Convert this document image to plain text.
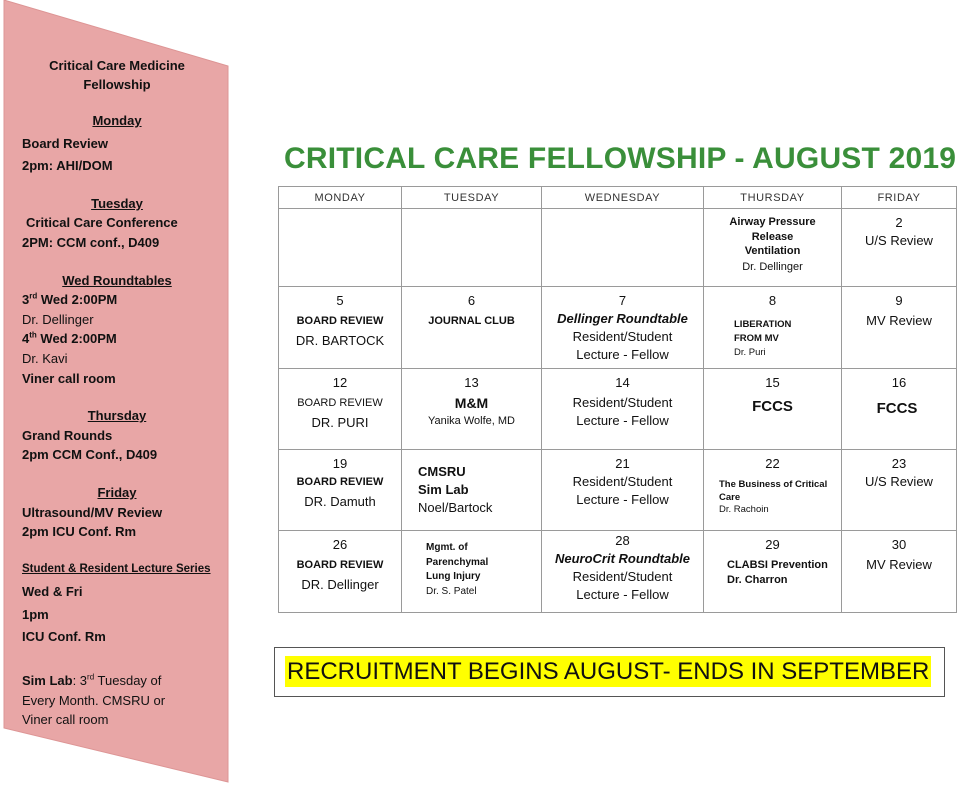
Critical Care Medicine Fellowship
Monday

Board Review

2pm: AHI/DOM

Tuesday

Critical Care Conference

2PM: CCM conf., D409

Wed Roundtables

3rd Wed 2:00PM

Dr. Dellinger

4th Wed 2:00PM

Dr. Kavi

Viner call room

Thursday

Grand Rounds

2pm CCM Conf., D409

Friday

Ultrasound/MV Review

2pm ICU Conf. Rm

Student & Resident Lecture Series

Wed & Fri

1pm

ICU Conf. Rm

Sim Lab: 3rd Tuesday of

Every Month. CMSRU or

Viner call room

CRITICAL CARE FELLOWSHIP - AUGUST 2019
MONDAY	TUESDAY	WEDNESDAY	THURSDAY	FRIDAY

			Airway Pressure
Release
Ventilation
Dr. Dellinger	2
U/S Review

5
BOARD REVIEW
DR. BARTOCK	6
JOURNAL CLUB	7
Dellinger Roundtable
Resident/Student
Lecture - Fellow	8
LIBERATION
FROM MV
Dr. Puri	9
MV Review

12
BOARD REVIEW
DR. PURI	13
M&M
Yanika Wolfe, MD	14
Resident/Student
Lecture - Fellow	15
FCCS	16
FCCS

19
BOARD REVIEW
DR. Damuth	CMSRU
Sim Lab
Noel/Bartock	21
Resident/Student
Lecture - Fellow	22
The Business of Critical
Care
Dr. Rachoin	23
U/S Review

26
BOARD REVIEW
DR. Dellinger	Mgmt. of
Parenchymal
Lung Injury
Dr. S. Patel	28
NeuroCrit Roundtable
Resident/Student
Lecture - Fellow	29
CLABSI Prevention
Dr. Charron	30
MV Review
RECRUITMENT BEGINS AUGUST- ENDS IN SEPTEMBER
